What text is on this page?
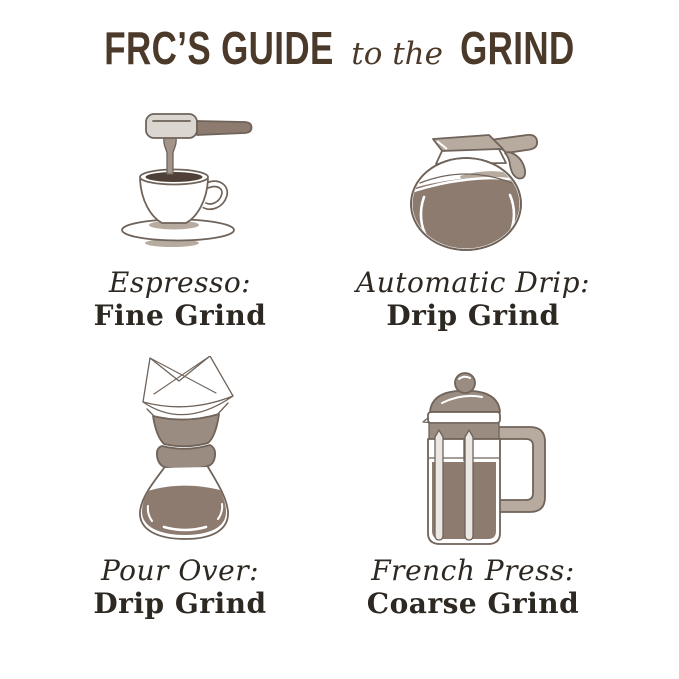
FRC’S GUIDE to the GRIND
Espresso:
Fine Grind
Automatic Drip:
Drip Grind
Pour Over:
Drip Grind
French Press:
Coarse Grind
